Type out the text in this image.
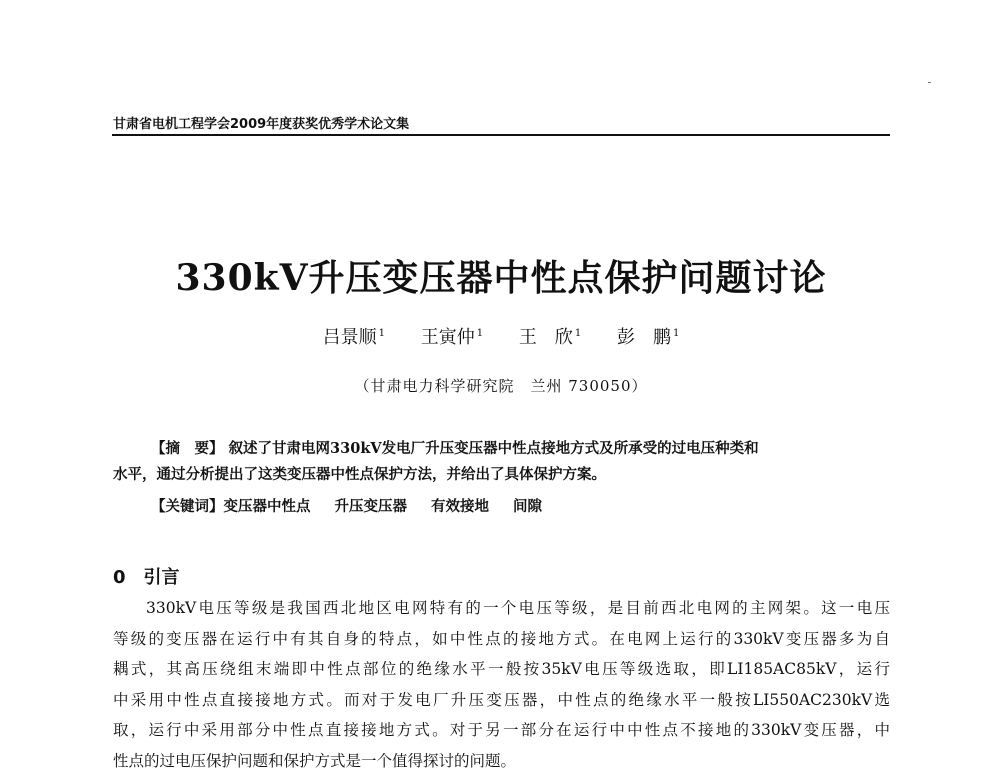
甘肃省电机工程学会2009年度获奖优秀学术论文集
330kV升压变压器中性点保护问题讨论
吕景顺 $^1$ 王寅仲 $^1$ 王　欣 $^1$ 彭　鹏 $^1$
（甘肃电力科学研究院　兰州 730050）
【摘　要】 叙述了甘肃电网330kV发电厂升压变压器中性点接地方式及所承受的过电压种类和
水平，通过分析提出了这类变压器中性点保护方法，并给出了具体保护方案。
【关键词】变压器中性点 升压变压器 有效接地 间隙
0 引言
330kV电压等级是我国西北地区电网特有的一个电压等级，是目前西北电网的主网架。这一电压
等级的变压器在运行中有其自身的特点，如中性点的接地方式。在电网上运行的330kV变压器多为自
耦式，其高压绕组末端即中性点部位的绝缘水平一般按35kV电压等级选取，即LI185AC85kV，运行
中采用中性点直接接地方式。而对于发电厂升压变压器，中性点的绝缘水平一般按LI550AC230kV选
取，运行中采用部分中性点直接接地方式。对于另一部分在运行中中性点不接地的330kV变压器，中
性点的过电压保护问题和保护方式是一个值得探讨的问题。
